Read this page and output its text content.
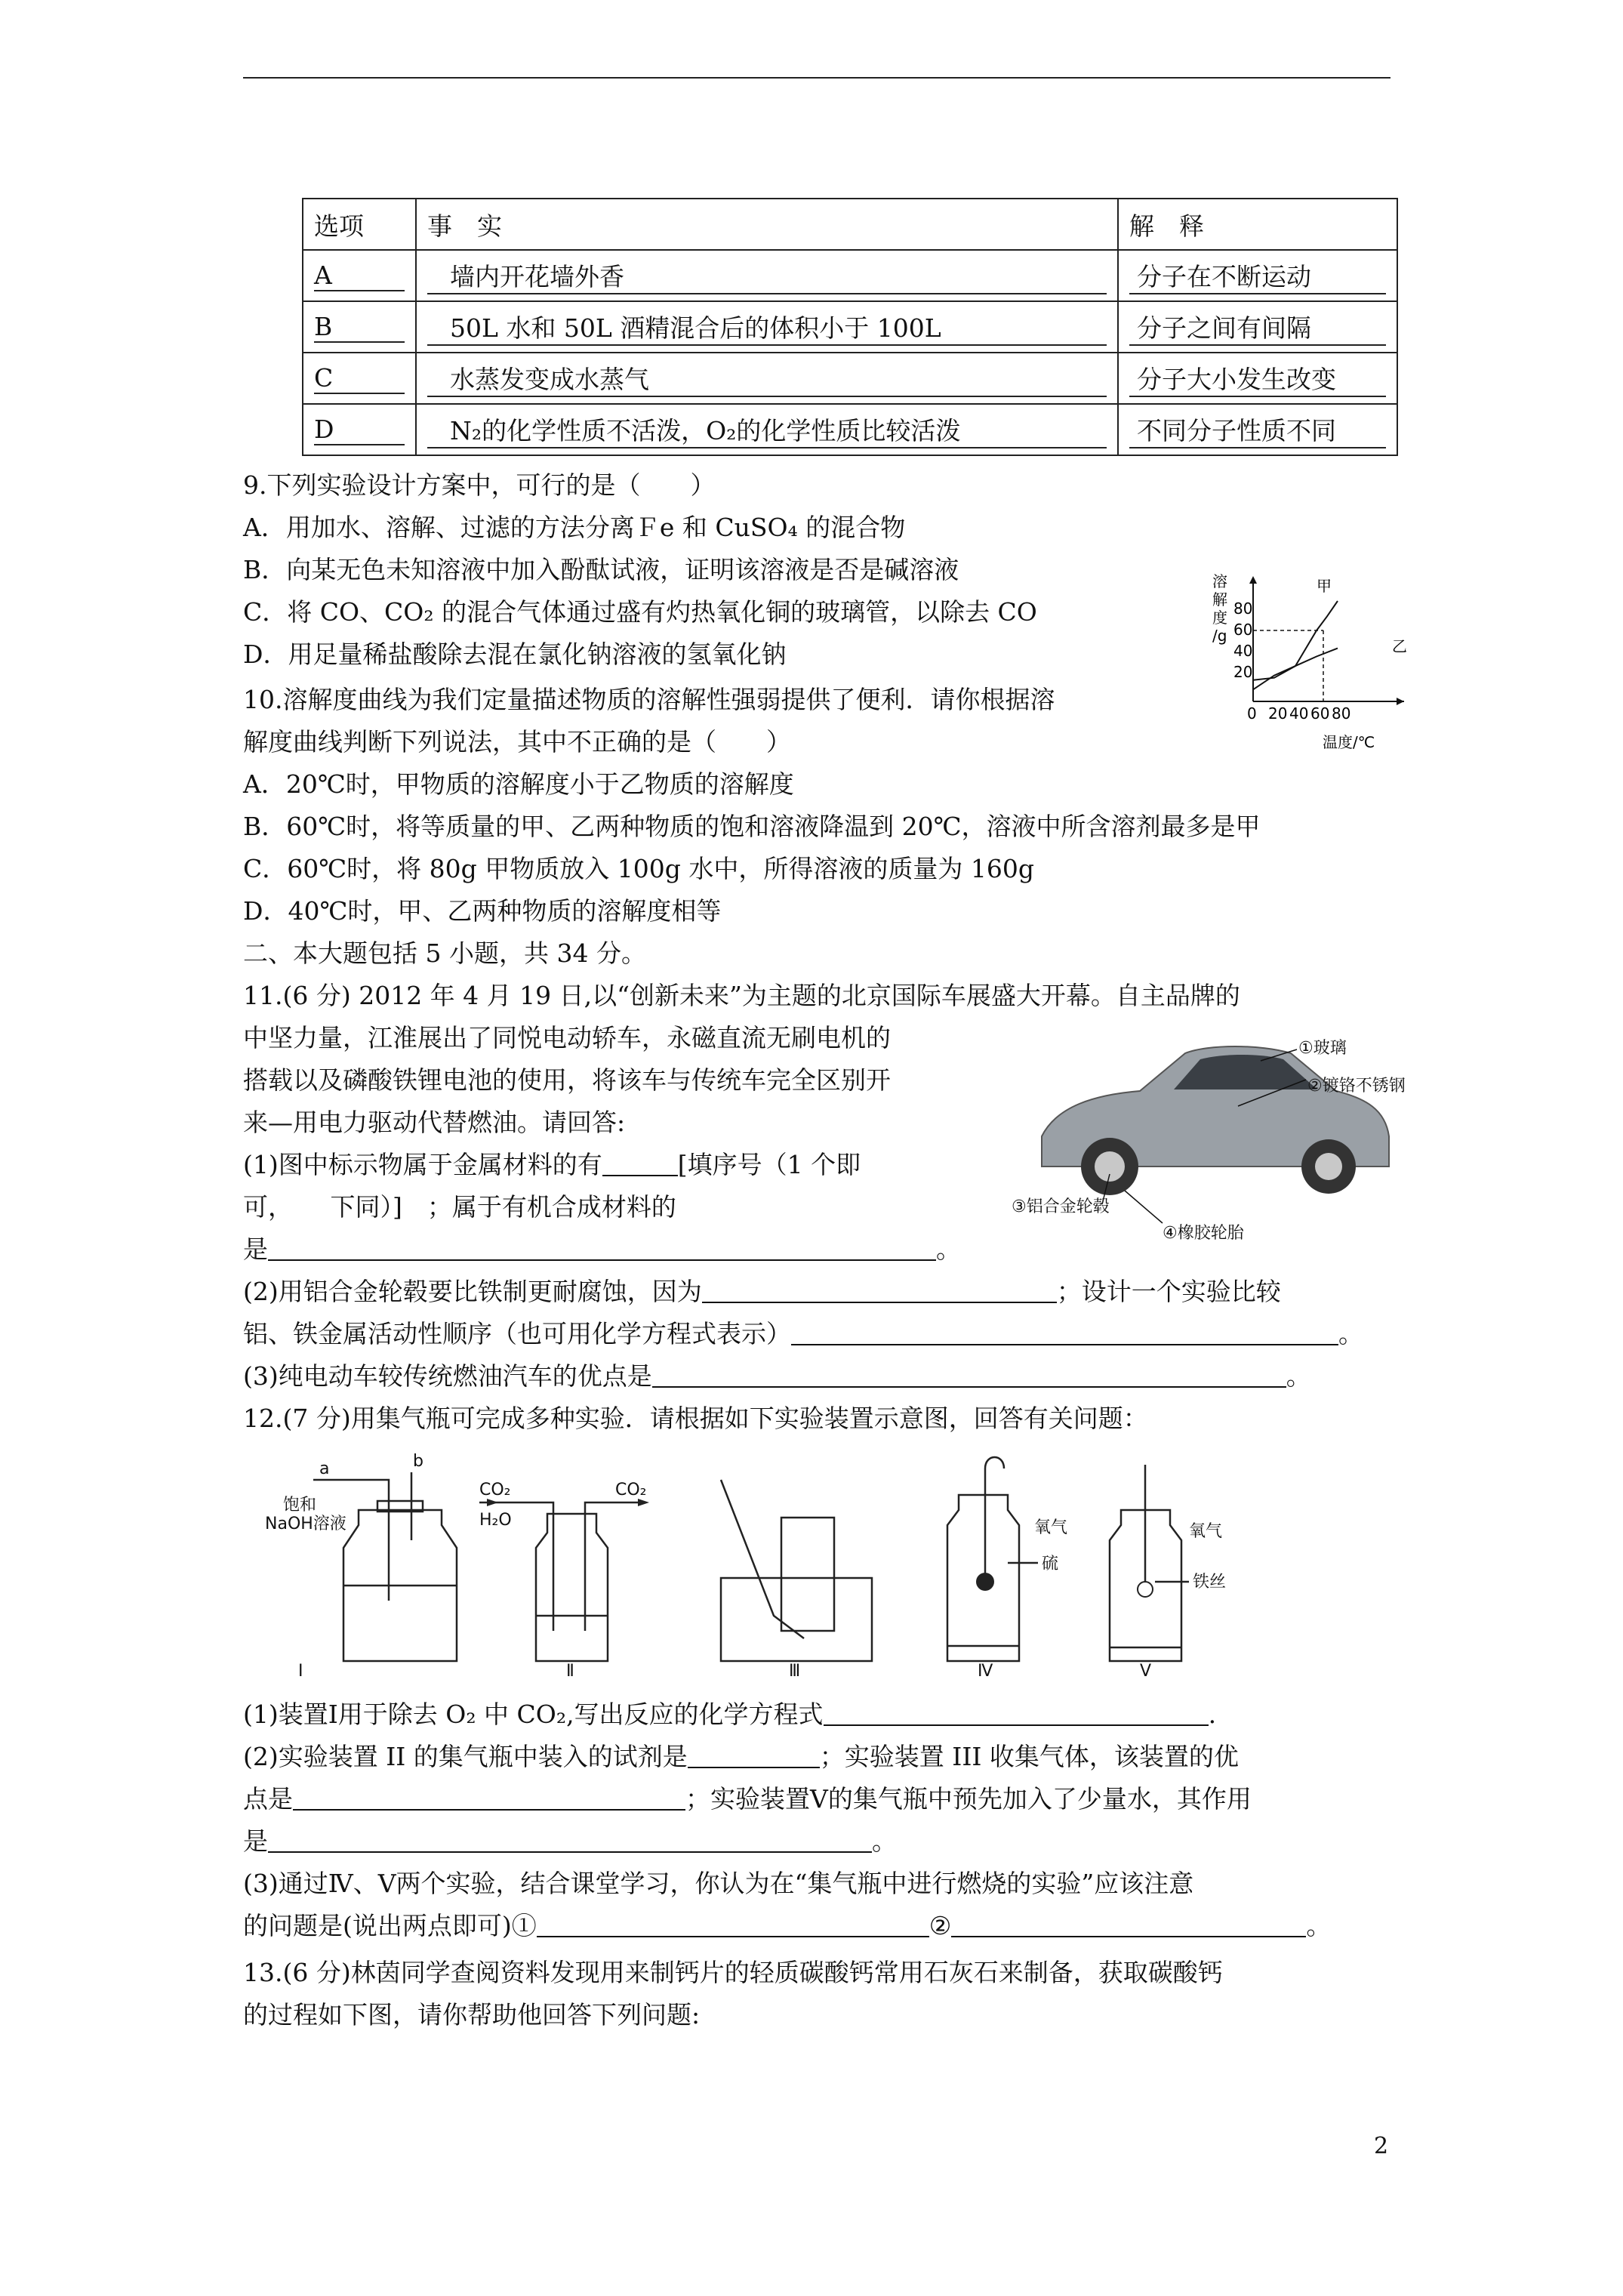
选项	事　实	解　释

A	墙内开花墙外香	分子在不断运动

B	50L 水和 50L 酒精混合后的体积小于 100L	分子之间有间隔

C	水蒸发变成水蒸气	分子大小发生改变

D	N₂的化学性质不活泼，O₂的化学性质比较活泼	不同分子性质不同
9.下列实验设计方案中，可行的是（　　）
A．用加水、溶解、过滤的方法分离Ｆe 和 CuSO₄ 的混合物
B．向某无色未知溶液中加入酚酞试液，证明该溶液是否是碱溶液
C．将 CO、CO₂ 的混合气体通过盛有灼热氧化铜的玻璃管，以除去 CO
D．用足量稀盐酸除去混在氯化钠溶液的氢氧化钠
10.溶解度曲线为我们定量描述物质的溶解性强弱提供了便利．请你根据溶
解度曲线判断下列说法，其中不正确的是（　　）
A．20℃时，甲物质的溶解度小于乙物质的溶解度
B．60℃时，将等质量的甲、乙两种物质的饱和溶液降温到 20℃，溶液中所含溶剂最多是甲
C．60℃时，将 80g 甲物质放入 100g 水中，所得溶液的质量为 160g
D．40℃时，甲、乙两种物质的溶解度相等
溶
解
度
/g
80
60
40
20
0 20 40 60 80
温度/℃
甲
乙
二、本大题包括 5 小题，共 34 分。
11.(6 分) 2012 年 4 月 19 日,以“创新未来”为主题的北京国际车展盛大开幕。自主品牌的
中坚力量，江淮展出了同悦电动轿车，永磁直流无刷电机的
搭载以及磷酸铁锂电池的使用，将该车与传统车完全区别开
来—用电力驱动代替燃油。请回答:
(1)图中标示物属于金属材料的有	[填序号（1 个即
可，　　下同）]　；属于有机合成材料的
是	。
(2)用铝合金轮毂要比铁制更耐腐蚀，因为	；设计一个实验比较
铝、铁金属活动性顺序（也可用化学方程式表示）	。
(3)纯电动车较传统燃油汽车的优点是	。
①玻璃
②镀铬不锈钢
③铝合金轮毂
④橡胶轮胎
12.(7 分)用集气瓶可完成多种实验．请根据如下实验装置示意图，回答有关问题：
a	b
饱和
NaOH溶液
CO₂
H₂O
CO₂
氧气
硫
氧气
铁丝
Ⅰ	Ⅱ	Ⅲ	Ⅳ	Ⅴ
(1)装置Ⅰ用于除去 O₂ 中 CO₂,写出反应的化学方程式	.
(2)实验装置 II 的集气瓶中装入的试剂是	；实验装置 III 收集气体，该装置的优
点是	；实验装置Ⅴ的集气瓶中预先加入了少量水，其作用
是	。
(3)通过Ⅳ、Ⅴ两个实验，结合课堂学习，你认为在“集气瓶中进行燃烧的实验”应该注意
的问题是(说出两点即可)①	②	。
13.(6 分)林茵同学查阅资料发现用来制钙片的轻质碳酸钙常用石灰石来制备，获取碳酸钙
的过程如下图，请你帮助他回答下列问题:
2
